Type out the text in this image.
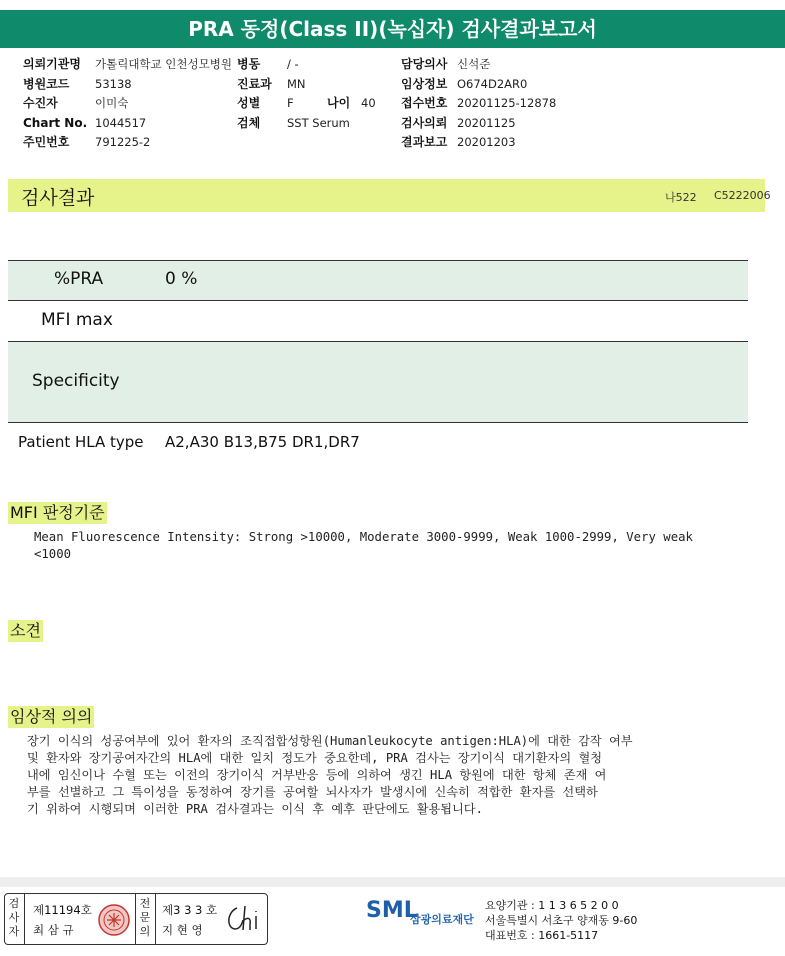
PRA 동정(Class II)(녹십자) 검사결과보고서
의뢰기관명	가톨릭대학교 인천성모병원
병원코드	53138
수진자	이미숙
Chart No. 1044517
주민번호	791225-2
병동	/ -
진료과	MN
성별	F	나이 40
검체	SST Serum
담당의사 신석준
임상정보 O674D2AR0
접수번호 20201125-12878
검사의뢰 20201125
결과보고 20201203
검사결과	나522 C5222006
%PRA	0 %
MFI max
Specificity
Patient HLA type A2,A30 B13,B75 DR1,DR7
MFI 판정기준
Mean Fluorescence Intensity: Strong >10000, Moderate 3000-9999, Weak 1000-2999, Very weak
<1000
소견
임상적 의의
장기 이식의 성공여부에 있어 환자의 조직접합성항원(Humanleukocyte antigen:HLA)에 대한 감작 여부
및 환자와 장기공여자간의 HLA에 대한 일치 정도가 중요한데, PRA 검사는 장기이식 대기환자의 혈청
내에 임신이나 수혈 또는 이전의 장기이식 거부반응 등에 의하여 생긴 HLA 항원에 대한 항체 존재 여
부를 선별하고 그 특이성을 동정하여 장기를 공여할 뇌사자가 발생시에 신속히 적합한 환자를 선택하
기 위하여 시행되며 이러한 PRA 검사결과는 이식 후 예후 판단에도 활용됩니다.
검
사
자
제11194호
최 삼 규
전
문
의
제3 3 3 호
지 현 영
SML
삼광의료재단
요양기관 : 1 1 3 6 5 2 0 0
서울특별시 서초구 양재동 9-60
대표번호 : 1661-5117
